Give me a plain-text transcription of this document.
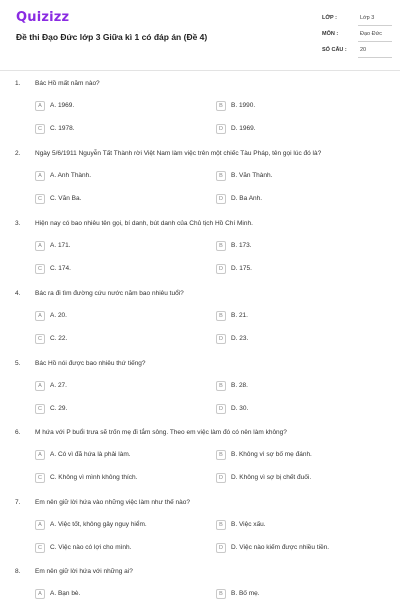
Quizizz
Đề thi Đạo Đức lớp 3 Giữa kì 1 có đáp án (Đề 4)
LỚP :	Lớp 3
MÔN :	Đạo Đức
SỐ CÂU : 20
1. Bác Hồ mất năm nào?
A	A. 1969.	B	B. 1990.
C	C. 1978.	D	D. 1969.
2. Ngày 5/6/1911 Nguyễn Tất Thành rời Việt Nam làm việc trên một chiếc Tàu Pháp, tên gọi lúc đó là?
A	A. Anh Thành.	B	B. Văn Thành.
C	C. Văn Ba.	D	D. Ba Anh.
3. Hiện nay có bao nhiêu tên gọi, bí danh, bút danh của Chủ tịch Hồ Chí Minh.
A	A. 171.	B	B. 173.
C	C. 174.	D	D. 175.
4. Bác ra đi tìm đường cứu nước năm bao nhiêu tuổi?
A	A. 20.	B	B. 21.
C	C. 22.	D	D. 23.
5. Bác Hồ nói được bao nhiêu thứ tiếng?
A	A. 27.	B	B. 28.
C	C. 29.	D	D. 30.
6. M hứa với P buổi trưa sẽ trốn mẹ đi tắm sông. Theo em việc làm đó có nên làm không?
A	A. Có vì đã hứa là phải làm.	B	B. Không vì sợ bố mẹ đánh.
C	C. Không vì mình không thích.	D	D. Không vì sợ bị chết đuối.
7. Em nên giữ lời hứa vào những việc làm như thế nào?
A	A. Việc tốt, không gây nguy hiểm.	B	B. Việc xấu.
C	C. Việc nào có lợi cho mình.	D	D. Việc nào kiếm được nhiều tiền.
8. Em nên giữ lời hứa với những ai?
A	A. Bạn bè.	B	B. Bố mẹ.
